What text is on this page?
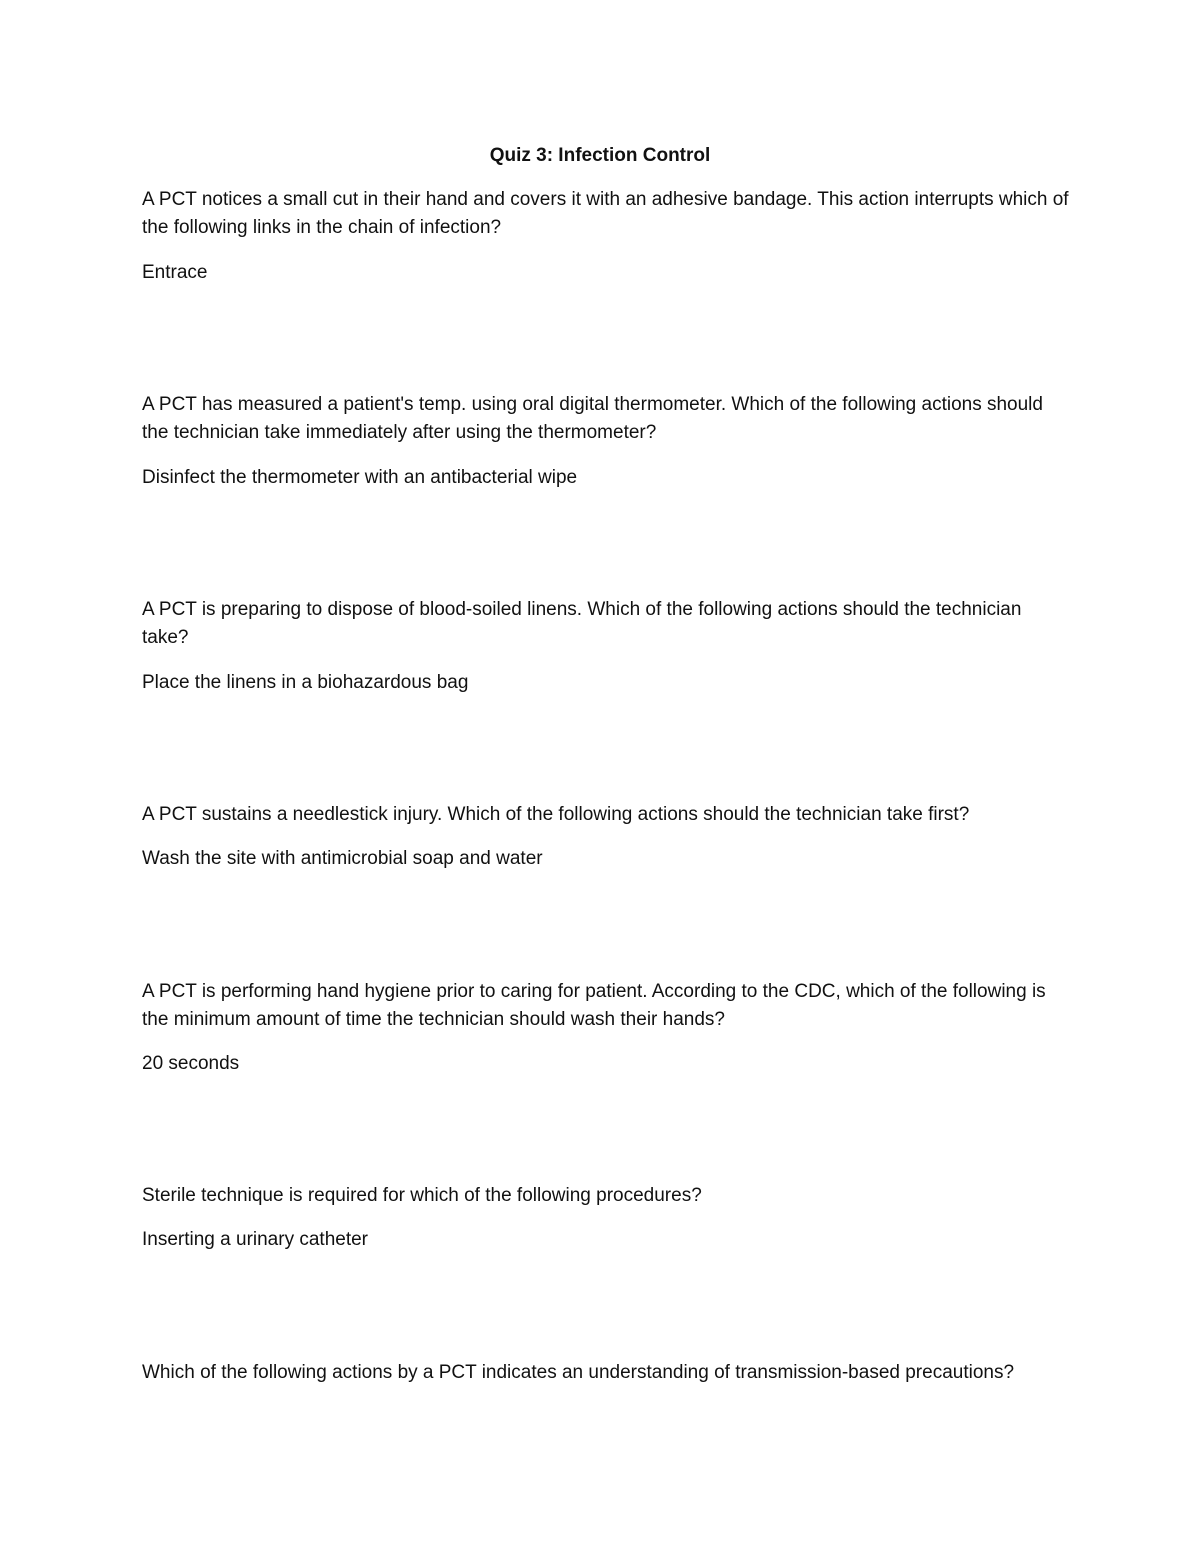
Quiz 3: Infection Control

A PCT notices a small cut in their hand and covers it with an adhesive bandage. This action interrupts which of the following links in the chain of infection?

Entrace

A PCT has measured a patient's temp. using oral digital thermometer. Which of the following actions should the technician take immediately after using the thermometer?

Disinfect the thermometer with an antibacterial wipe

A PCT is preparing to dispose of blood-soiled linens. Which of the following actions should the technician take?

Place the linens in a biohazardous bag

A PCT sustains a needlestick injury. Which of the following actions should the technician take first?

Wash the site with antimicrobial soap and water

A PCT is performing hand hygiene prior to caring for patient. According to the CDC, which of the following is the minimum amount of time the technician should wash their hands?

20 seconds

Sterile technique is required for which of the following procedures?

Inserting a urinary catheter

Which of the following actions by a PCT indicates an understanding of transmission-based precautions?
